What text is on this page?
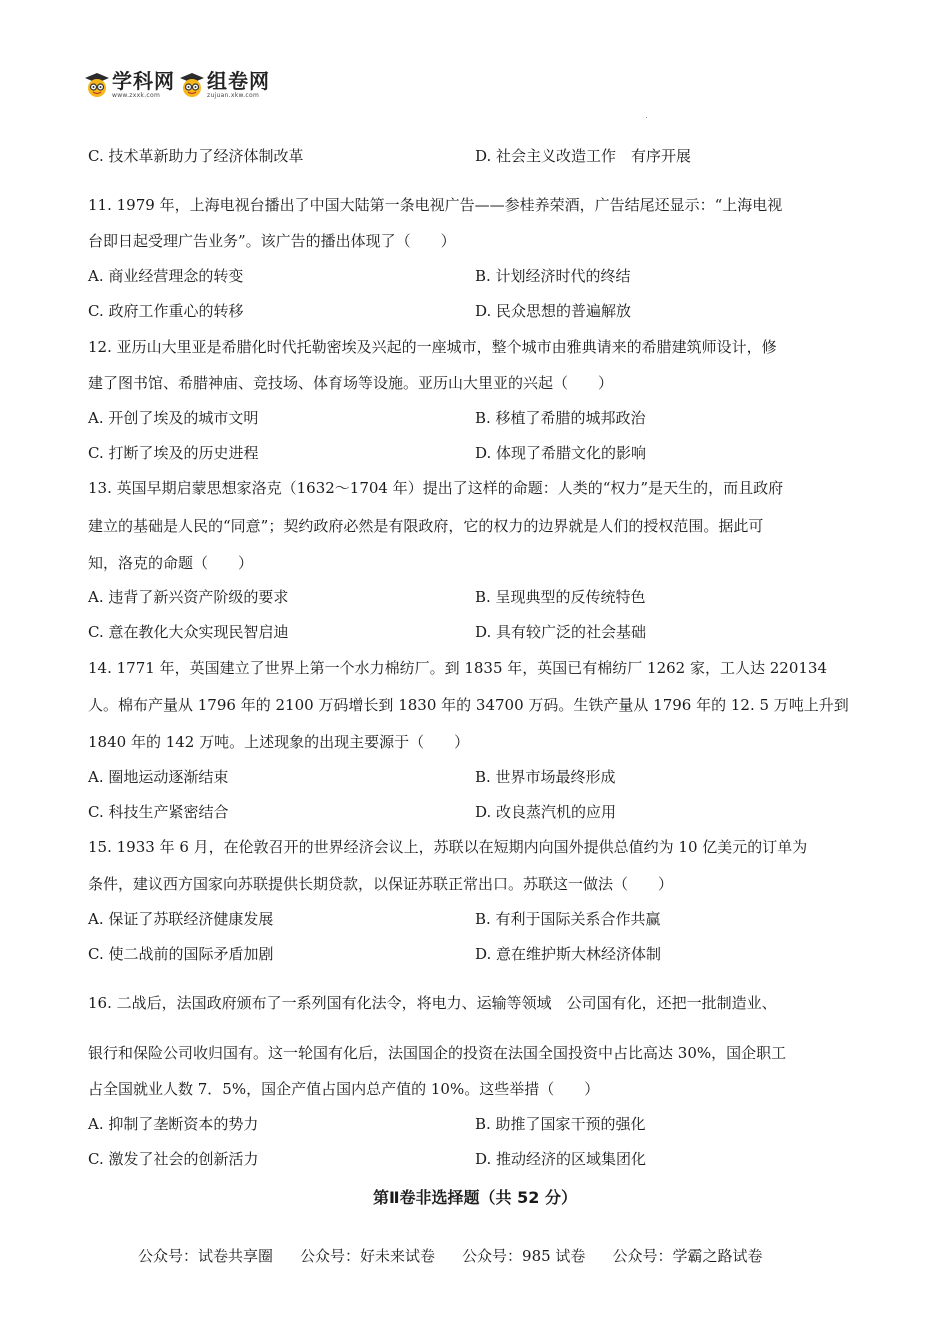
学科网
www.zxxk.com
组卷网
zujuan.xkw.com
C. 技术革新助力了经济体制改革	D. 社会主义改造工作　有序开展
11. 1979 年，上海电视台播出了中国大陆第一条电视广告——参桂养荣酒，广告结尾还显示：“上海电视
台即日起受理广告业务”。该广告的播出体现了（　　）
A. 商业经营理念的转变	B. 计划经济时代的终结
C. 政府工作重心的转移	D. 民众思想的普遍解放
12. 亚历山大里亚是希腊化时代托勒密埃及兴起的一座城市，整个城市由雅典请来的希腊建筑师设计，修
建了图书馆、希腊神庙、竞技场、体育场等设施。亚历山大里亚的兴起（　　）
A. 开创了埃及的城市文明	B. 移植了希腊的城邦政治
C. 打断了埃及的历史进程	D. 体现了希腊文化的影响
13. 英国早期启蒙思想家洛克（1632～1704 年）提出了这样的命题：人类的“权力”是天生的，而且政府
建立的基础是人民的“同意”；契约政府必然是有限政府，它的权力的边界就是人们的授权范围。据此可
知，洛克的命题（　　）
A. 违背了新兴资产阶级的要求	B. 呈现典型的反传统特色
C. 意在教化大众实现民智启迪	D. 具有较广泛的社会基础
14. 1771 年，英国建立了世界上第一个水力棉纺厂。到 1835 年，英国已有棉纺厂 1262 家，工人达 220134
人。棉布产量从 1796 年的 2100 万码增长到 1830 年的 34700 万码。生铁产量从 1796 年的 12. 5 万吨上升到
1840 年的 142 万吨。上述现象的出现主要源于（　　）
A. 圈地运动逐渐结束	B. 世界市场最终形成
C. 科技生产紧密结合	D. 改良蒸汽机的应用
15. 1933 年 6 月，在伦敦召开的世界经济会议上，苏联以在短期内向国外提供总值约为 10 亿美元的订单为
条件，建议西方国家向苏联提供长期贷款，以保证苏联正常出口。苏联这一做法（　　）
A. 保证了苏联经济健康发展	B. 有利于国际关系合作共赢
C. 使二战前的国际矛盾加剧	D. 意在维护斯大林经济体制
16. 二战后，法国政府颁布了一系列国有化法令，将电力、运输等领域　公司国有化，还把一批制造业、
银行和保险公司收归国有。这一轮国有化后，法国国企的投资在法国全国投资中占比高达 30%，国企职工
占全国就业人数 7．5%，国企产值占国内总产值的 10%。这些举措（　　）
A. 抑制了垄断资本的势力	B. 助推了国家干预的强化
C. 激发了社会的创新活力	D. 推动经济的区域集团化
第Ⅱ卷非选择题（共 52 分）
公众号：试卷共享圈 公众号：好未来试卷 公众号：985 试卷 公众号：学霸之路试卷
